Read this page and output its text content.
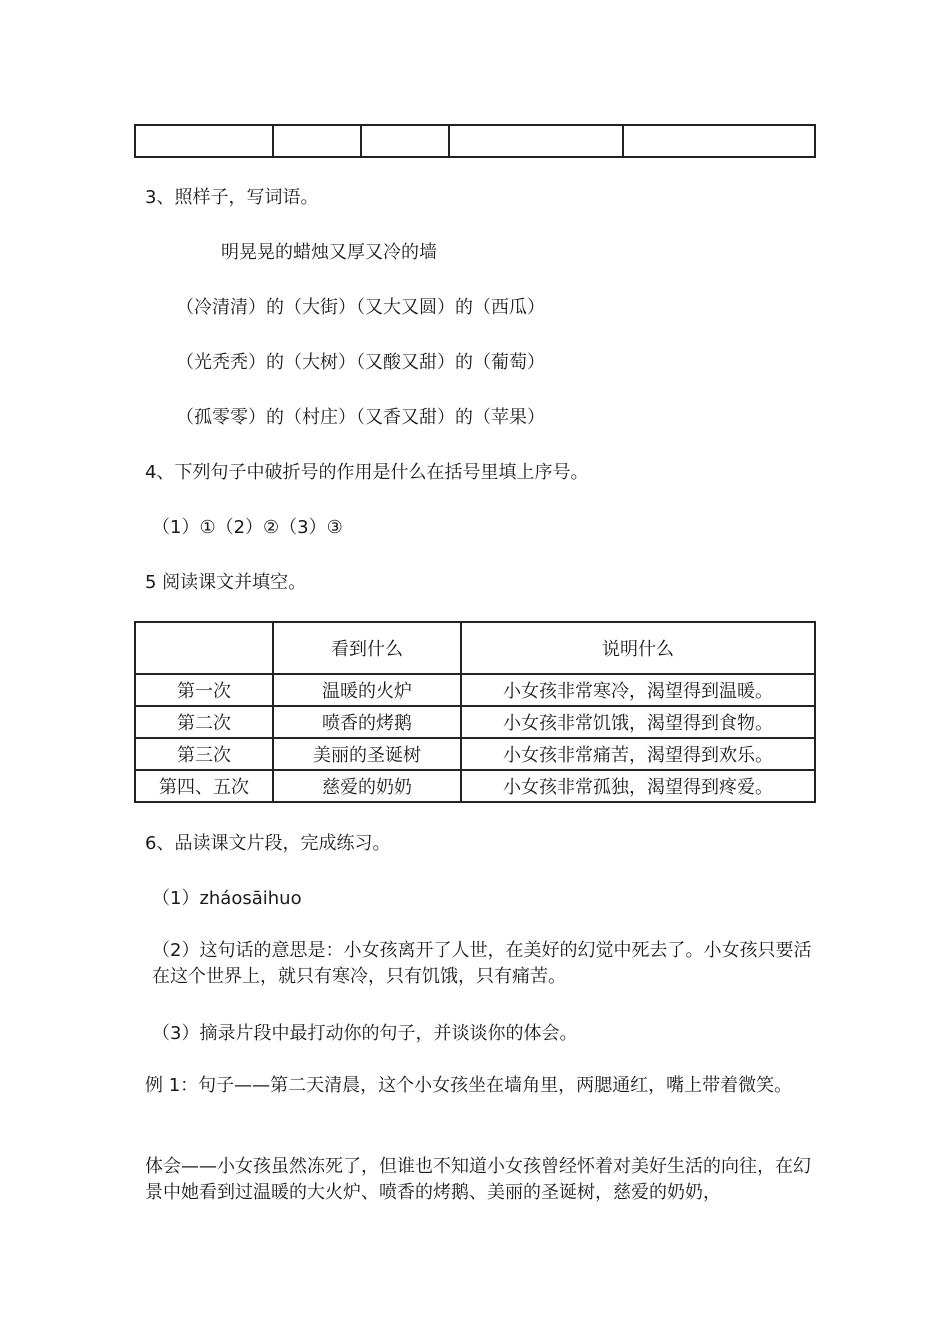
3、照样子，写词语。
明晃晃的蜡烛又厚又冷的墙
（冷清清）的（大街）（又大又圆）的（西瓜）
（光秃秃）的（大树）（又酸又甜）的（葡萄）
（孤零零）的（村庄）（又香又甜）的（苹果）
4、下列句子中破折号的作用是什么在括号里填上序号。
（1）①（2）②（3）③
5 阅读课文并填空。
	看到什么	说明什么
第一次	温暖的火炉	小女孩非常寒冷，渴望得到温暖。
第二次	喷香的烤鹅	小女孩非常饥饿，渴望得到食物。
第三次	美丽的圣诞树	小女孩非常痛苦，渴望得到欢乐。
第四、五次	慈爱的奶奶	小女孩非常孤独，渴望得到疼爱。
6、品读课文片段，完成练习。
（1）zháosāihuo
（2）这句话的意思是：小女孩离开了人世，在美好的幻觉中死去了。小女孩只要活在这个世界上，就只有寒冷，只有饥饿，只有痛苦。
（3）摘录片段中最打动你的句子，并谈谈你的体会。
例 1：句子——第二天清晨，这个小女孩坐在墙角里，两腮通红，嘴上带着微笑。
体会——小女孩虽然冻死了，但谁也不知道小女孩曾经怀着对美好生活的向往，在幻景中她看到过温暖的大火炉、喷香的烤鹅、美丽的圣诞树，慈爱的奶奶，
